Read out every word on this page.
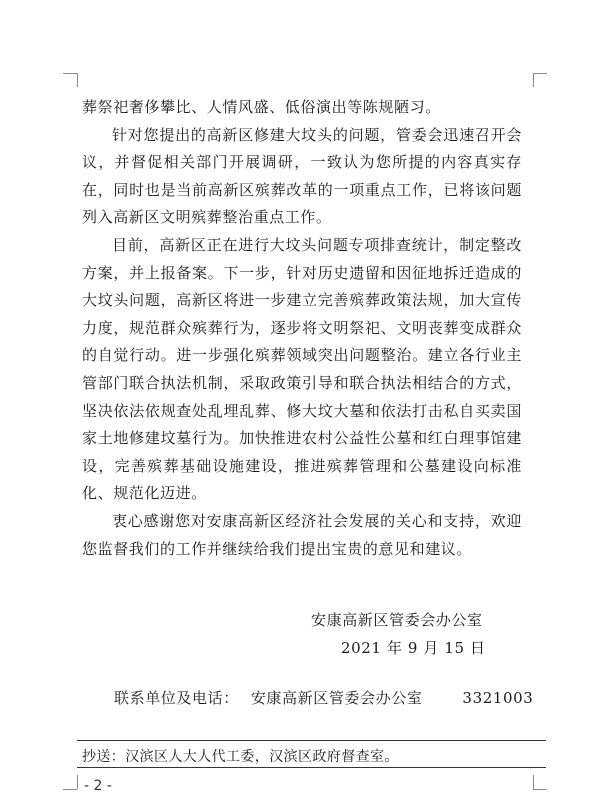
葬祭祀奢侈攀比、人情风盛、低俗演出等陈规陋习。

针对您提出的高新区修建大坟头的问题，管委会迅速召开会议，并督促相关部门开展调研，一致认为您所提的内容真实存在，同时也是当前高新区殡葬改革的一项重点工作，已将该问题列入高新区文明殡葬整治重点工作。

目前，高新区正在进行大坟头问题专项排查统计，制定整改方案，并上报备案。下一步，针对历史遗留和因征地拆迁造成的大坟头问题，高新区将进一步建立完善殡葬政策法规，加大宣传力度，规范群众殡葬行为，逐步将文明祭祀、文明丧葬变成群众的自觉行动。进一步强化殡葬领域突出问题整治。建立各行业主管部门联合执法机制，采取政策引导和联合执法相结合的方式，坚决依法依规查处乱埋乱葬、修大坟大墓和依法打击私自买卖国家土地修建坟墓行为。加快推进农村公益性公墓和红白理事馆建设，完善殡葬基础设施建设，推进殡葬管理和公墓建设向标准化、规范化迈进。

衷心感谢您对安康高新区经济社会发展的关心和支持，欢迎您监督我们的工作并继续给我们提出宝贵的意见和建议。

安康高新区管委会办公室
2021 年 9 月 15 日
联系单位及电话： 安康高新区管委会办公室	3321003
抄送：汉滨区人大人代工委，汉滨区政府督查室。
- 2 -
